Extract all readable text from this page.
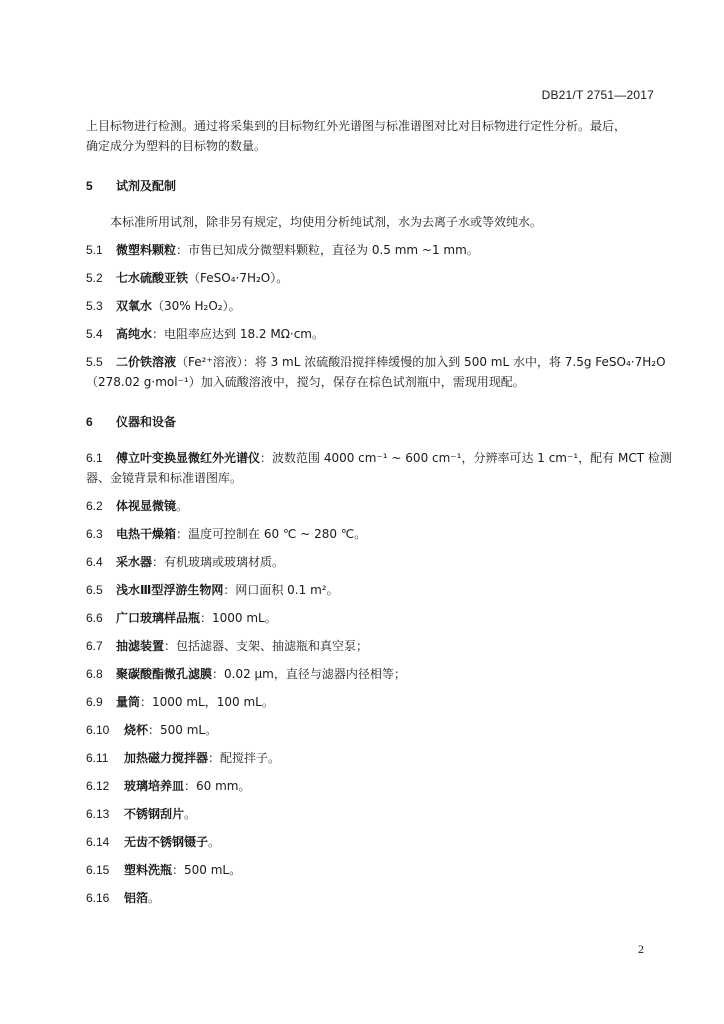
DB21/T 2751—2017
上目标物进行检测。通过将采集到的目标物红外光谱图与标准谱图对比对目标物进行定性分析。最后，
确定成分为塑料的目标物的数量。
5 试剂及配制
本标准所用试剂，除非另有规定，均使用分析纯试剂，水为去离子水或等效纯水。
5.1 微塑料颗粒：市售已知成分微塑料颗粒，直径为 0.5 mm ~1 mm。
5.2 七水硫酸亚铁（FeSO₄·7H₂O）。
5.3 双氧水（30% H₂O₂）。
5.4 高纯水：电阻率应达到 18.2 MΩ·cm。
5.5 二价铁溶液（Fe²⁺溶液）：将 3 mL 浓硫酸沿搅拌棒缓慢的加入到 500 mL 水中，将 7.5g FeSO₄·7H₂O
（278.02 g·mol⁻¹）加入硫酸溶液中，搅匀，保存在棕色试剂瓶中，需现用现配。
6 仪器和设备
6.1 傅立叶变换显微红外光谱仪：波数范围 4000 cm⁻¹ ~ 600 cm⁻¹，分辨率可达 1 cm⁻¹，配有 MCT 检测
器、金镜背景和标准谱图库。
6.2 体视显微镜。
6.3 电热干燥箱：温度可控制在 60 ℃ ~ 280 ℃。
6.4 采水器：有机玻璃或玻璃材质。
6.5 浅水Ⅲ型浮游生物网：网口面积 0.1 m²。
6.6 广口玻璃样品瓶：1000 mL。
6.7 抽滤装置：包括滤器、支架、抽滤瓶和真空泵；
6.8 聚碳酸酯微孔滤膜：0.02 μm，直径与滤器内径相等；
6.9 量筒：1000 mL，100 mL。
6.10 烧杯：500 mL。
6.11 加热磁力搅拌器：配搅拌子。
6.12 玻璃培养皿：60 mm。
6.13 不锈钢刮片。
6.14 无齿不锈钢镊子。
6.15 塑料洗瓶：500 mL。
6.16 铝箔。
2
